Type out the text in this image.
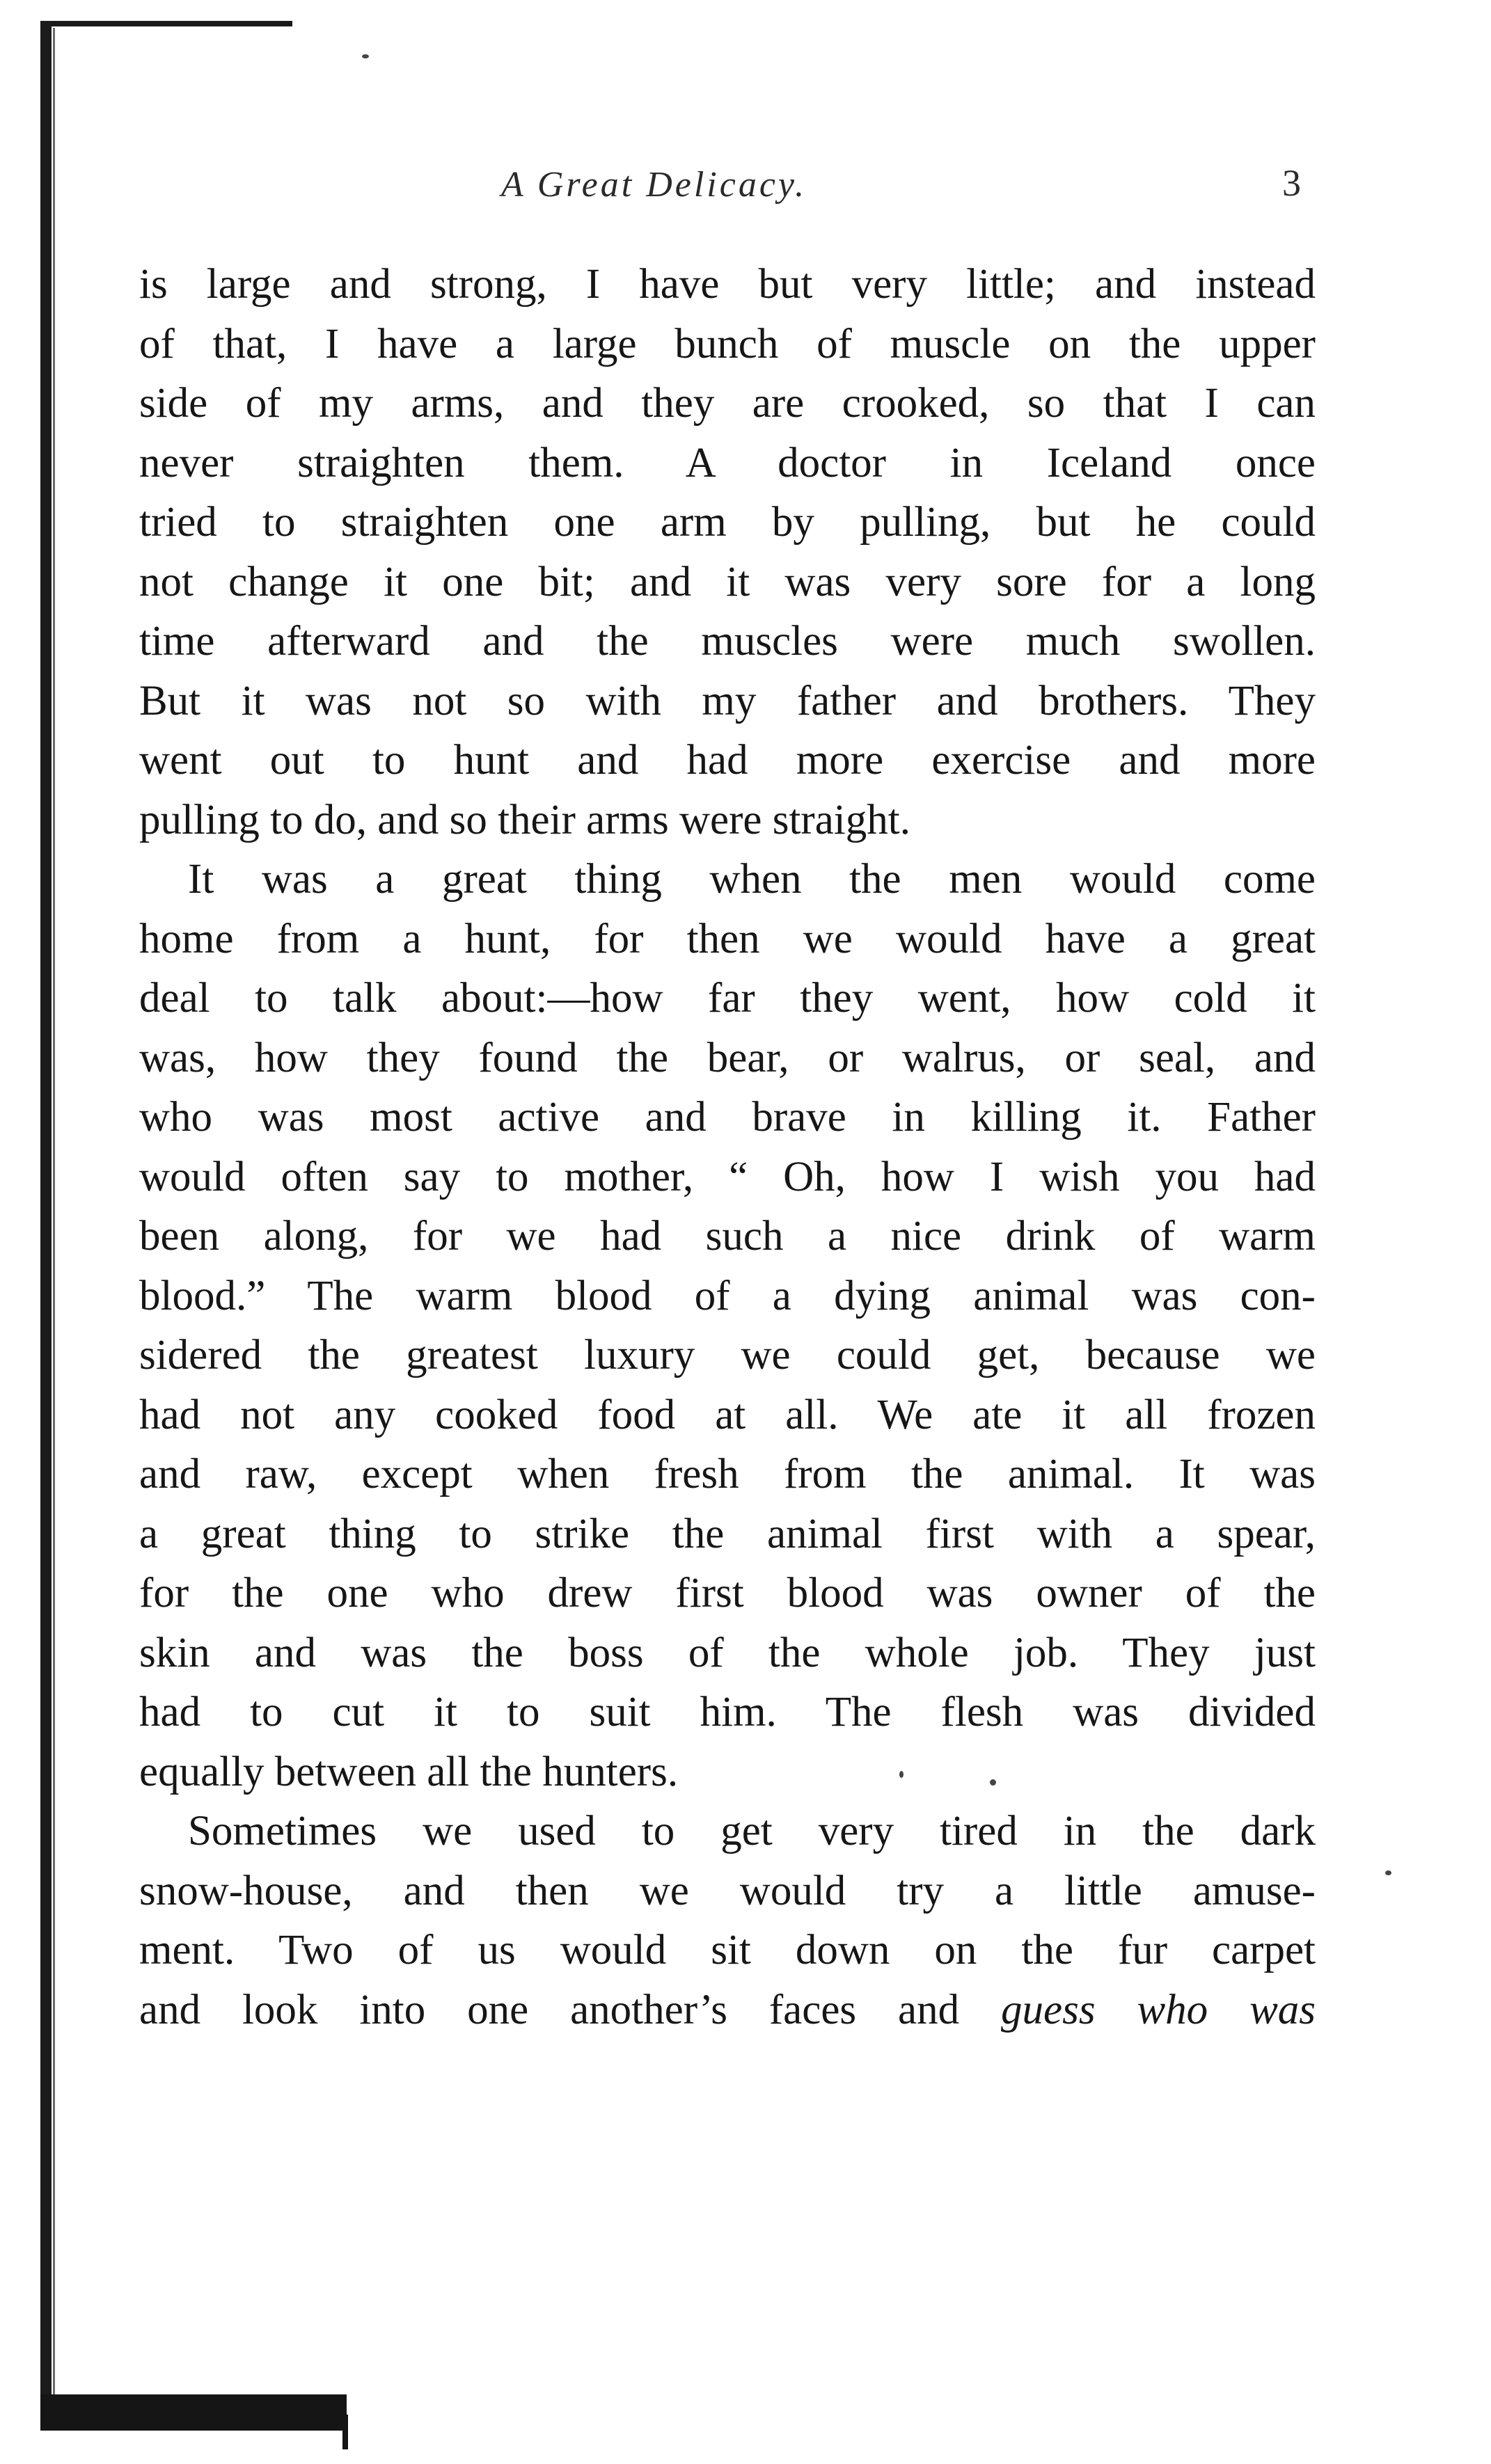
A Great Delicacy.	3
is large and strong, I have but very little; and instead
of that, I have a large bunch of muscle on the upper
side of my arms, and they are crooked, so that I can
never straighten them. A doctor in Iceland once
tried to straighten one arm by pulling, but he could
not change it one bit; and it was very sore for a long
time afterward and the muscles were much swollen.
But it was not so with my father and brothers. They
went out to hunt and had more exercise and more
pulling to do, and so their arms were straight.
It was a great thing when the men would come
home from a hunt, for then we would have a great
deal to talk about:—how far they went, how cold it
was, how they found the bear, or walrus, or seal, and
who was most active and brave in killing it. Father
would often say to mother, “ Oh, how I wish you had
been along, for we had such a nice drink of warm
blood.” The warm blood of a dying animal was con-
sidered the greatest luxury we could get, because we
had not any cooked food at all. We ate it all frozen
and raw, except when fresh from the animal. It was
a great thing to strike the animal first with a spear,
for the one who drew first blood was owner of the
skin and was the boss of the whole job. They just
had to cut it to suit him. The flesh was divided
equally between all the hunters.
Sometimes we used to get very tired in the dark
snow-house, and then we would try a little amuse-
ment. Two of us would sit down on the fur carpet
and look into one another’s faces and guess who was
